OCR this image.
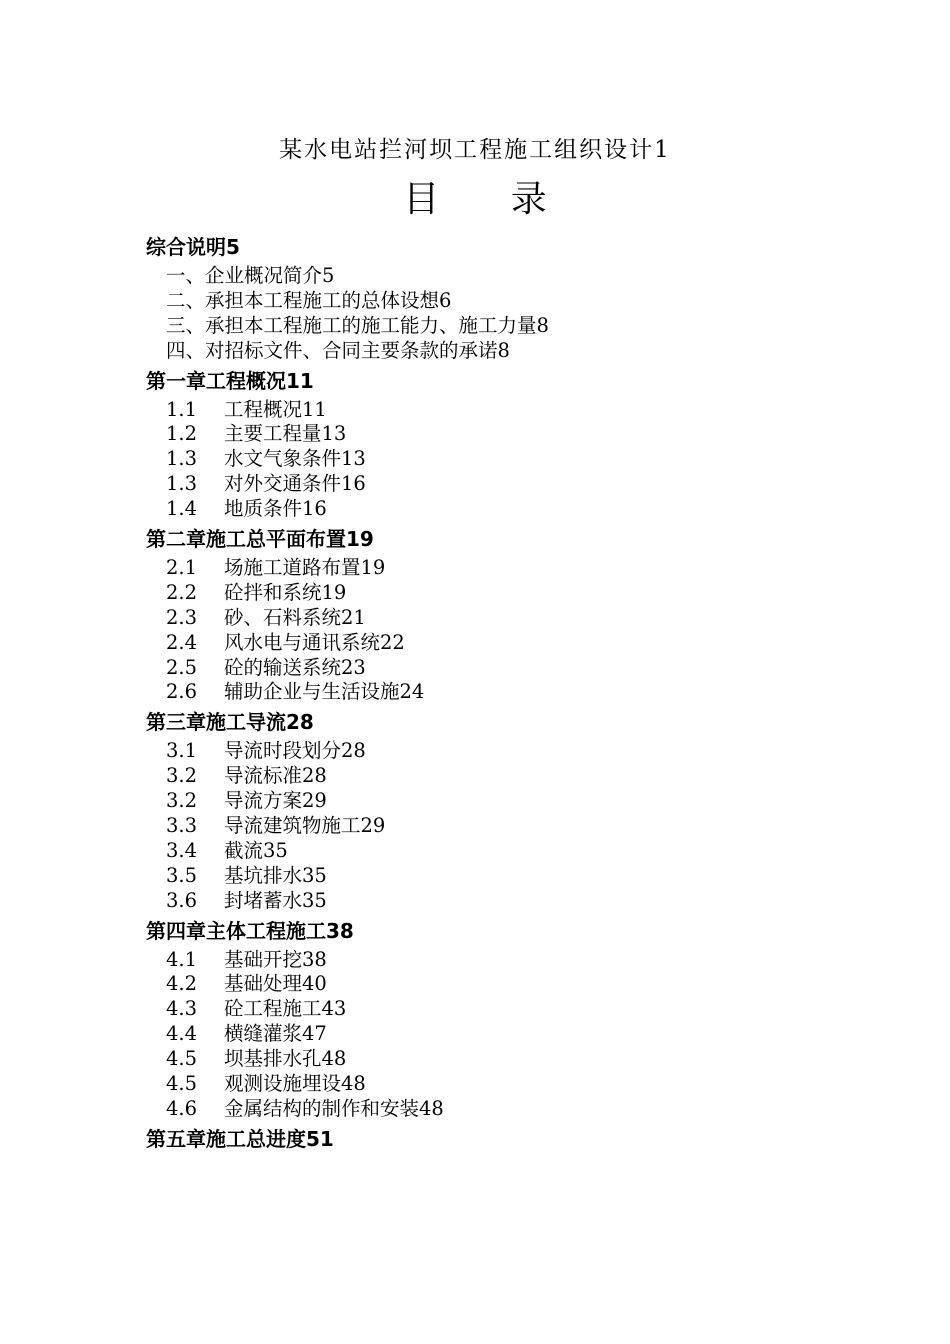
某水电站拦河坝工程施工组织设计1
目 录
综合说明5
一、企业概况简介5
二、承担本工程施工的总体设想6
三、承担本工程施工的施工能力、施工力量8
四、对招标文件、合同主要条款的承诺8
第一章工程概况11
1.1 工程概况11
1.2 主要工程量13
1.3 水文气象条件13
1.3 对外交通条件16
1.4 地质条件16
第二章施工总平面布置19
2.1 场施工道路布置19
2.2 砼拌和系统19
2.3 砂、石料系统21
2.4 风水电与通讯系统22
2.5 砼的输送系统23
2.6 辅助企业与生活设施24
第三章施工导流28
3.1 导流时段划分28
3.2 导流标准28
3.2 导流方案29
3.3 导流建筑物施工29
3.4 截流35
3.5 基坑排水35
3.6 封堵蓄水35
第四章主体工程施工38
4.1 基础开挖38
4.2 基础处理40
4.3 砼工程施工43
4.4 横缝灌浆47
4.5 坝基排水孔48
4.5 观测设施埋设48
4.6 金属结构的制作和安装48
第五章施工总进度51
